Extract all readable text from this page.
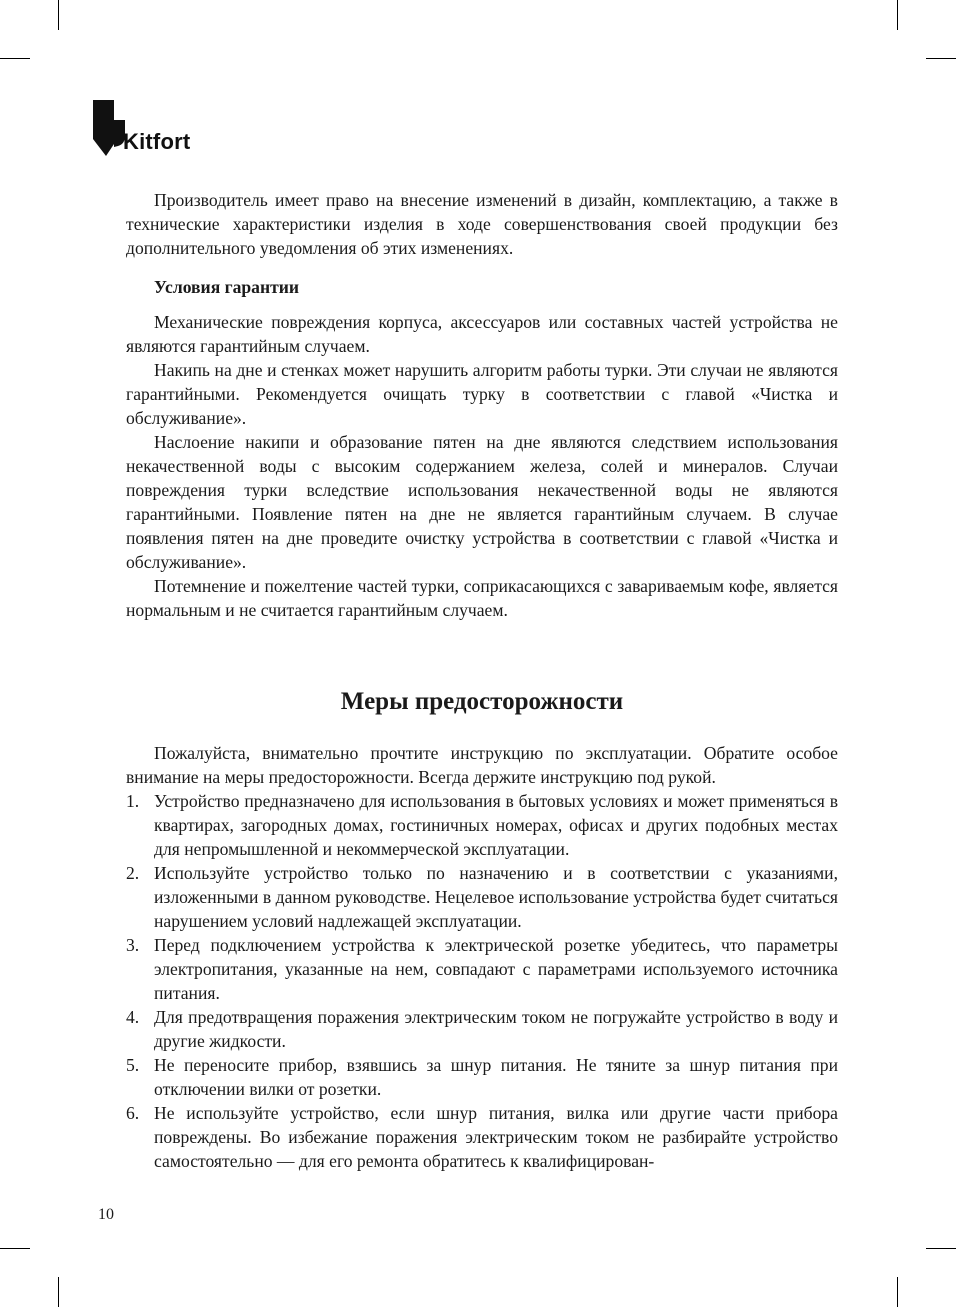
Kitfort

Производитель имеет право на внесение изменений в дизайн, комплектацию, а также в технические характеристики изделия в ходе совершенствования своей продукции без дополнительного уведомления об этих изменениях.

Условия гарантии

Механические повреждения корпуса, аксессуаров или составных частей устройства не являются гарантийным случаем.

Накипь на дне и стенках может нарушить алгоритм работы турки. Эти случаи не являются гарантийными. Рекомендуется очищать турку в соответствии с главой «Чистка и обслуживание».

Наслоение накипи и образование пятен на дне являются следствием использования некачественной воды с высоким содержанием железа, солей и минералов. Случаи повреждения турки вследствие использования некачественной воды не являются гарантийными. Появление пятен на дне не является гарантийным случаем. В случае появления пятен на дне проведите очистку устройства в соответствии с главой «Чистка и обслуживание».

Потемнение и пожелтение частей турки, соприкасающихся с завариваемым кофе, является нормальным и не считается гарантийным случаем.

Меры предосторожности

Пожалуйста, внимательно прочтите инструкцию по эксплуатации. Обратите особое внимание на меры предосторожности. Всегда держите инструкцию под рукой.

1. Устройство предназначено для использования в бытовых условиях и может применяться в квартирах, загородных домах, гостиничных номерах, офисах и других подобных местах для непромышленной и некоммерческой эксплуатации.
2. Используйте устройство только по назначению и в соответствии с указаниями, изложенными в данном руководстве. Нецелевое использование устройства будет считаться нарушением условий надлежащей эксплуатации.
3. Перед подключением устройства к электрической розетке убедитесь, что параметры электропитания, указанные на нем, совпадают с параметрами используемого источника питания.
4. Для предотвращения поражения электрическим током не погружайте устройство в воду и другие жидкости.
5. Не переносите прибор, взявшись за шнур питания. Не тяните за шнур питания при отключении вилки от розетки.
6. Не используйте устройство, если шнур питания, вилка или другие части прибора повреждены. Во избежание поражения электрическим током не разбирайте устройство самостоятельно — для его ремонта обратитесь к квалифицирован-
10
